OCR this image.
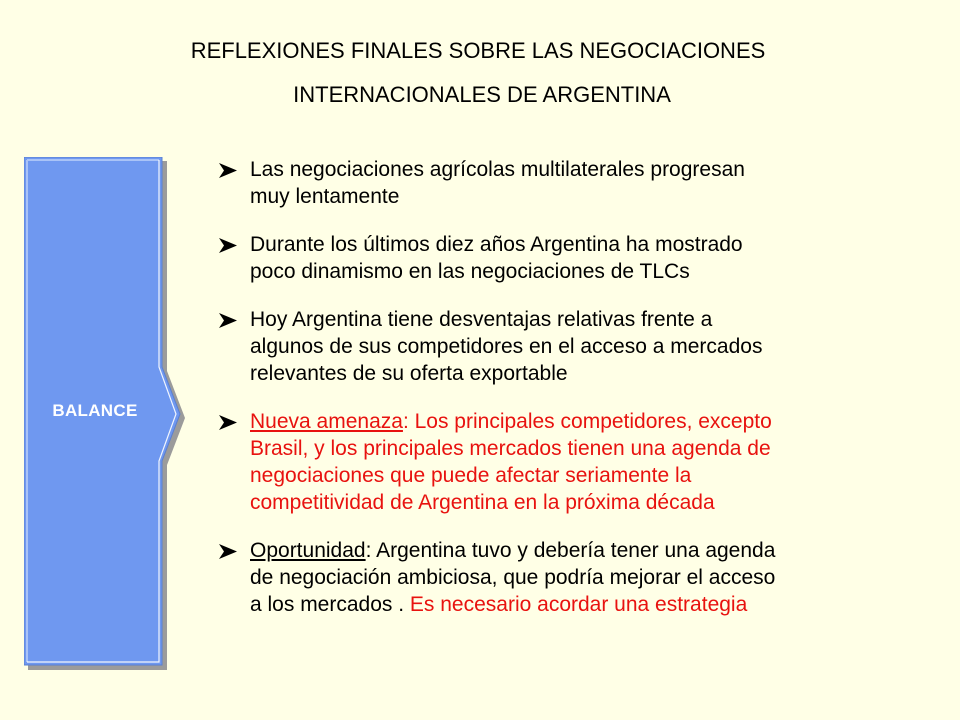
REFLEXIONES FINALES SOBRE LAS NEGOCIACIONES
INTERNACIONALES DE ARGENTINA
BALANCE
Las negociaciones agrícolas multilaterales progresan
muy lentamente
Durante los últimos diez años Argentina ha mostrado
poco dinamismo en las negociaciones de TLCs
Hoy Argentina tiene desventajas relativas frente a
algunos de sus competidores en el acceso a mercados
relevantes de su oferta exportable
Nueva amenaza: Los principales competidores, excepto
Brasil, y los principales mercados tienen una agenda de
negociaciones que puede afectar seriamente la
competitividad de Argentina en la próxima década
Oportunidad: Argentina tuvo y debería tener una agenda
de negociación ambiciosa, que podría mejorar el acceso
a los mercados . Es necesario acordar una estrategia
